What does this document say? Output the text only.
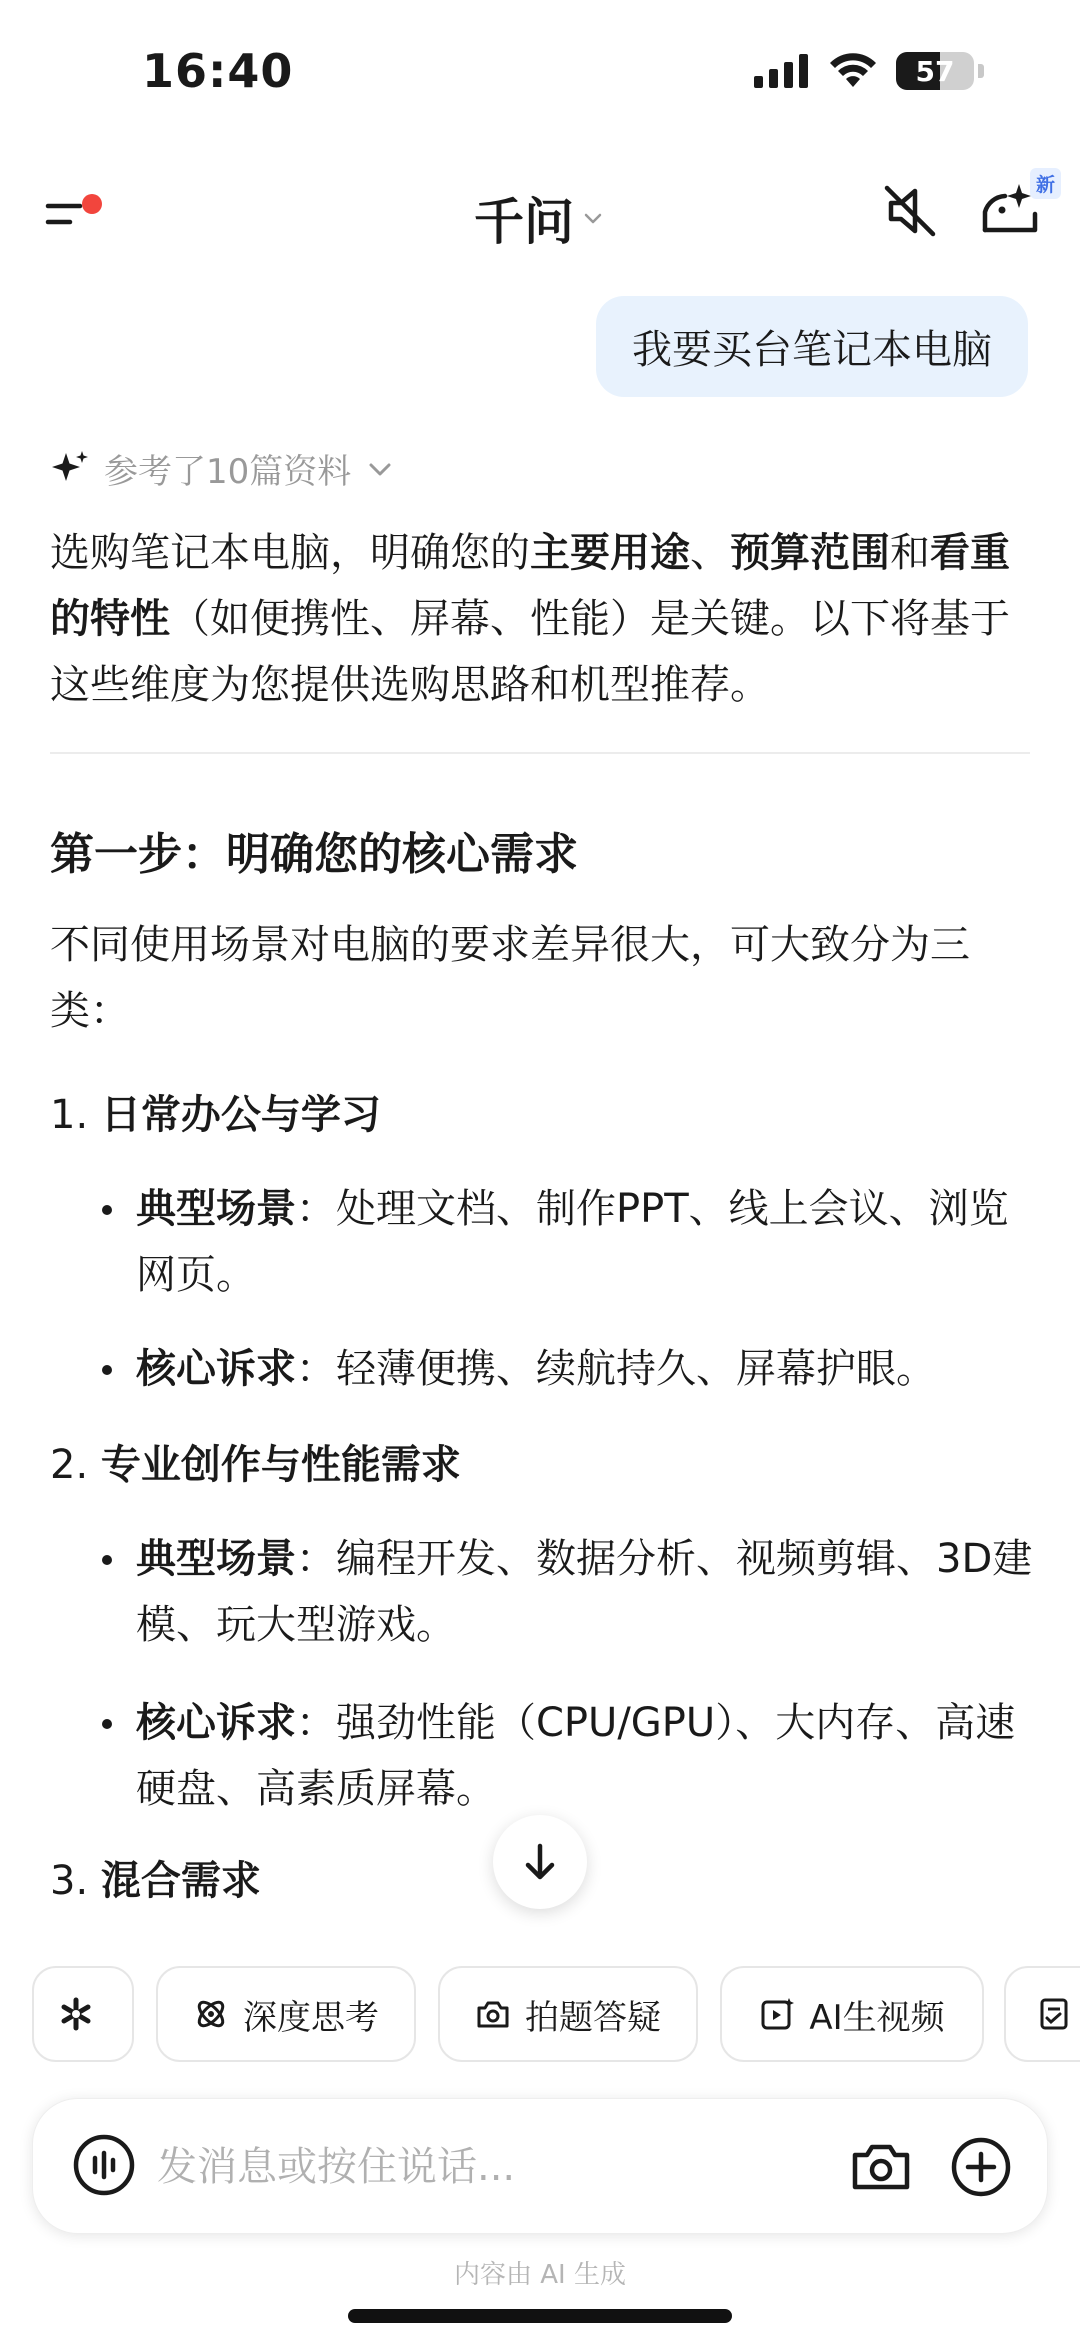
16:40	57
千问
新
我要买台笔记本电脑
参考了10篇资料
选购笔记本电脑，明确您的主要用途、预算范围和看重的特性（如便携性、屏幕、性能）是关键。以下将基于这些维度为您提供选购思路和机型推荐。
第一步：明确您的核心需求
不同使用场景对电脑的要求差异很大，可大致分为三类：
1. 日常办公与学习
典型场景：处理文档、制作PPT、线上会议、浏览网页。
核心诉求：轻薄便携、续航持久、屏幕护眼。
2. 专业创作与性能需求
典型场景：编程开发、数据分析、视频剪辑、3D建模、玩大型游戏。
核心诉求：强劲性能（CPU/GPU）、大内存、高速硬盘、高素质屏幕。
3. 混合需求
深度思考	拍题答疑	AI生视频
发消息或按住说话...
内容由 AI 生成
